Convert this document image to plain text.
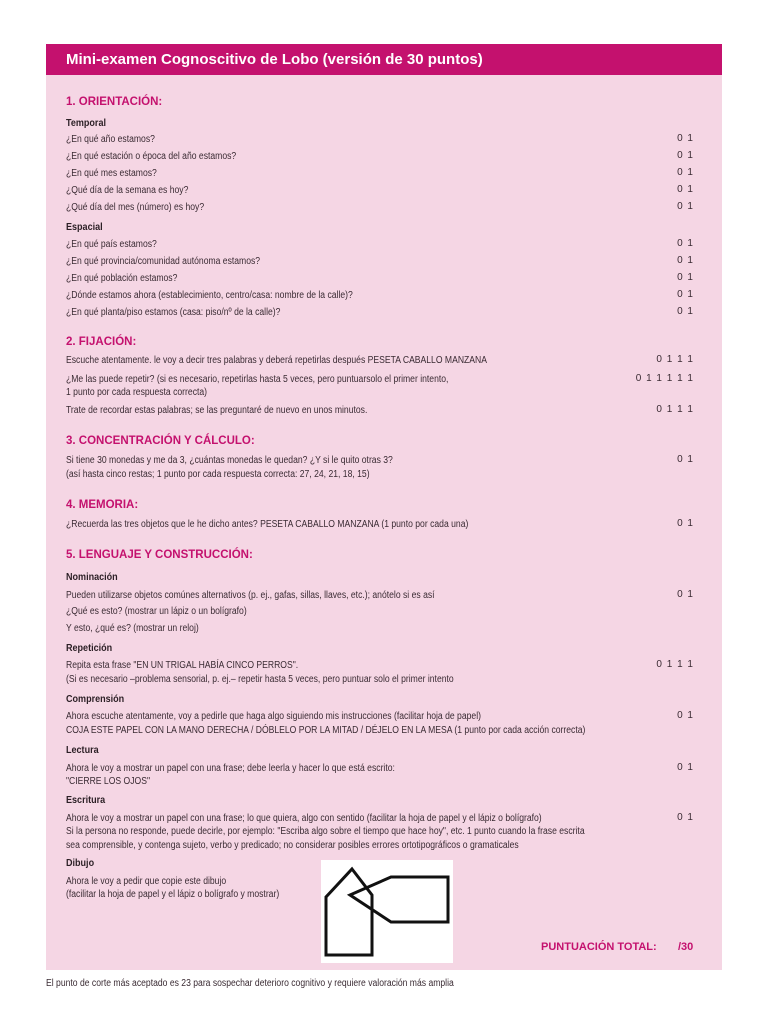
Mini-examen Cognoscitivo de Lobo (versión de 30 puntos)
1. ORIENTACIÓN:
Temporal
¿En qué año estamos?	0 1
¿En qué estación o época del año estamos?	0 1
¿En qué mes estamos?	0 1
¿Qué día de la semana es hoy?	0 1
¿Qué día del mes (número) es hoy?	0 1
Espacial
¿En qué país estamos?	0 1
¿En qué provincia/comunidad autónoma estamos?	0 1
¿En qué población estamos?	0 1
¿Dónde estamos ahora (establecimiento, centro/casa: nombre de la calle)?	0 1
¿En qué planta/piso estamos (casa: piso/nº de la calle)?	0 1
2. FIJACIÓN:
Escuche atentamente. le voy a decir tres palabras y deberá repetirlas después PESETA CABALLO MANZANA	0 1 1 1
¿Me las puede repetir? (si es necesario, repetirlas hasta 5 veces, pero puntuarsolo el primer intento,	0 1 1 1 1 1
1 punto por cada respuesta correcta)
Trate de recordar estas palabras; se las preguntaré de nuevo en unos minutos.	0 1 1 1
3. CONCENTRACIÓN Y CÁLCULO:
Si tiene 30 monedas y me da 3, ¿cuántas monedas le quedan? ¿Y si le quito otras 3?	0 1
(así hasta cinco restas; 1 punto por cada respuesta correcta: 27, 24, 21, 18, 15)
4. MEMORIA:
¿Recuerda las tres objetos que le he dicho antes? PESETA CABALLO MANZANA (1 punto por cada una)	0 1
5. LENGUAJE Y CONSTRUCCIÓN:
Nominación
Pueden utilizarse objetos comúnes alternativos (p. ej., gafas, sillas, llaves, etc.); anótelo si es así	0 1
¿Qué es esto? (mostrar un lápiz o un bolígrafo)
Y esto, ¿qué es? (mostrar un reloj)
Repetición
Repita esta frase "EN UN TRIGAL HABÍA CINCO PERROS".	0 1 1 1
(Si es necesario –problema sensorial, p. ej.– repetir hasta 5 veces, pero puntuar solo el primer intento
Comprensión
Ahora escuche atentamente, voy a pedirle que haga algo siguiendo mis instrucciones (facilitar hoja de papel)	0 1
COJA ESTE PAPEL CON LA MANO DERECHA / DÓBLELO POR LA MITAD / DÉJELO EN LA MESA (1 punto por cada acción correcta)
Lectura
Ahora le voy a mostrar un papel con una frase; debe leerla y hacer lo que está escrito:	0 1
"CIERRE LOS OJOS"
Escritura
Ahora le voy a mostrar un papel con una frase; lo que quiera, algo con sentido (facilitar la hoja de papel y el lápiz o bolígrafo)	0 1
Si la persona no responde, puede decirle, por ejemplo: "Escriba algo sobre el tiempo que hace hoy", etc. 1 punto cuando la frase escrita
sea comprensible, y contenga sujeto, verbo y predicado; no considerar posibles errores ortotipográficos o gramaticales
Dibujo
Ahora le voy a pedir que copie este dibujo
(facilitar la hoja de papel y el lápiz o bolígrafo y mostrar)
PUNTUACIÓN TOTAL: /30
El punto de corte más aceptado es 23 para sospechar deterioro cognitivo y requiere valoración más amplia
